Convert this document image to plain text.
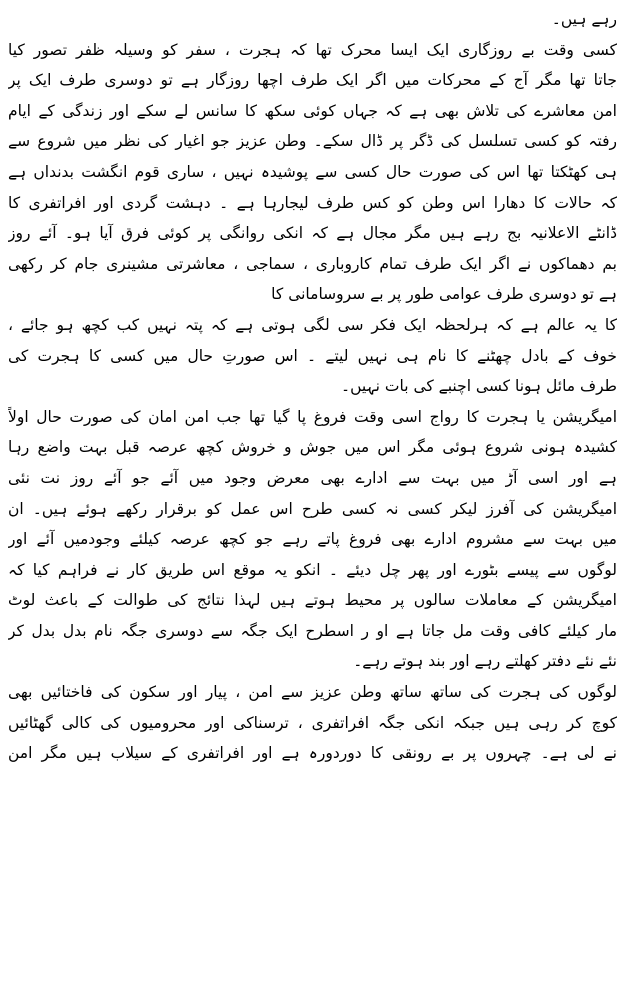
رہے ہیں۔
کسی وقت بے روزگاری ایک ایسا محرک تھا کہ ہجرت ، سفر کو وسیلہ ظفر تصور کیا
جاتا تھا مگر آج کے محرکات میں اگر ایک طرف اچھا روزگار ہے تو دوسری طرف ایک پر
امن معاشرے کی تلاش بھی ہے کہ جہاں کوئی سکھ کا سانس لے سکے اور زندگی کے ایام
رفتہ کو کسی تسلسل کی ڈگر پر ڈال سکے۔ وطن عزیز جو اغیار کی نظر میں شروع سے
ہی کھٹکتا تھا اس کی صورت حال کسی سے پوشیدہ نہیں ، ساری قوم انگشت بدنداں ہے
کہ حالات کا دھارا اس وطن کو کس طرف لیجارہا ہے ۔ دہشت گردی اور افراتفری کا
ڈانٹے الاعلانیہ بج رہے ہیں مگر مجال ہے کہ انکی روانگی پر کوئی فرق آیا ہو۔ آئے روز
بم دھماکوں نے اگر ایک طرف تمام کاروباری ، سماجی ، معاشرتی مشینری جام کر رکھی
ہے تو دوسری طرف عوامی طور پر بے سروسامانی کا
کا یہ عالم ہے کہ ہرلحظہ ایک فکر سی لگی ہوتی ہے کہ پتہ نہیں کب کچھ ہو جائے ،
خوف کے بادل چھٹنے کا نام ہی نہیں لیتے ۔ اس صورتِ حال میں کسی کا ہجرت کی
طرف مائل ہونا کسی اچنبے کی بات نہیں۔
امیگریشن یا ہجرت کا رواج اسی وقت فروغ پا گیا تھا جب امن امان کی صورت حال اولاً
کشیدہ ہونی شروع ہوئی مگر اس میں جوش و خروش کچھ عرصہ قبل بہت واضع رہا
ہے اور اسی آڑ میں بہت سے ادارے بھی معرض وجود میں آئے جو آئے روز نت نئی
امیگریشن کی آفرز لیکر کسی نہ کسی طرح اس عمل کو برقرار رکھے ہوئے ہیں۔ ان
میں بہت سے مشروم ادارے بھی فروغ پاتے رہے جو کچھ عرصہ کیلئے وجودمیں آئے اور
لوگوں سے پیسے بٹورے اور پھر چل دیئے ۔ انکو یہ موقع اس طریق کار نے فراہم کیا کہ
امیگریشن کے معاملات سالوں پر محیط ہوتے ہیں لہذا نتائج کی طوالت کے باعث لوٹ
مار کیلئے کافی وقت مل جاتا ہے او ر اسطرح ایک جگہ سے دوسری جگہ نام بدل بدل کر
نئے نئے دفتر کھلتے رہے اور بند ہوتے رہے۔
لوگوں کی ہجرت کی ساتھ ساتھ وطن عزیز سے امن ، پیار اور سکون کی فاختائیں بھی
کوچ کر رہی ہیں جبکہ انکی جگہ افراتفری ، ترسناکی اور محرومیوں کی کالی گھٹائیں
نے لی ہے۔ چہروں پر بے رونقی کا دوردورہ ہے اور افراتفری کے سیلاب ہیں مگر امن
